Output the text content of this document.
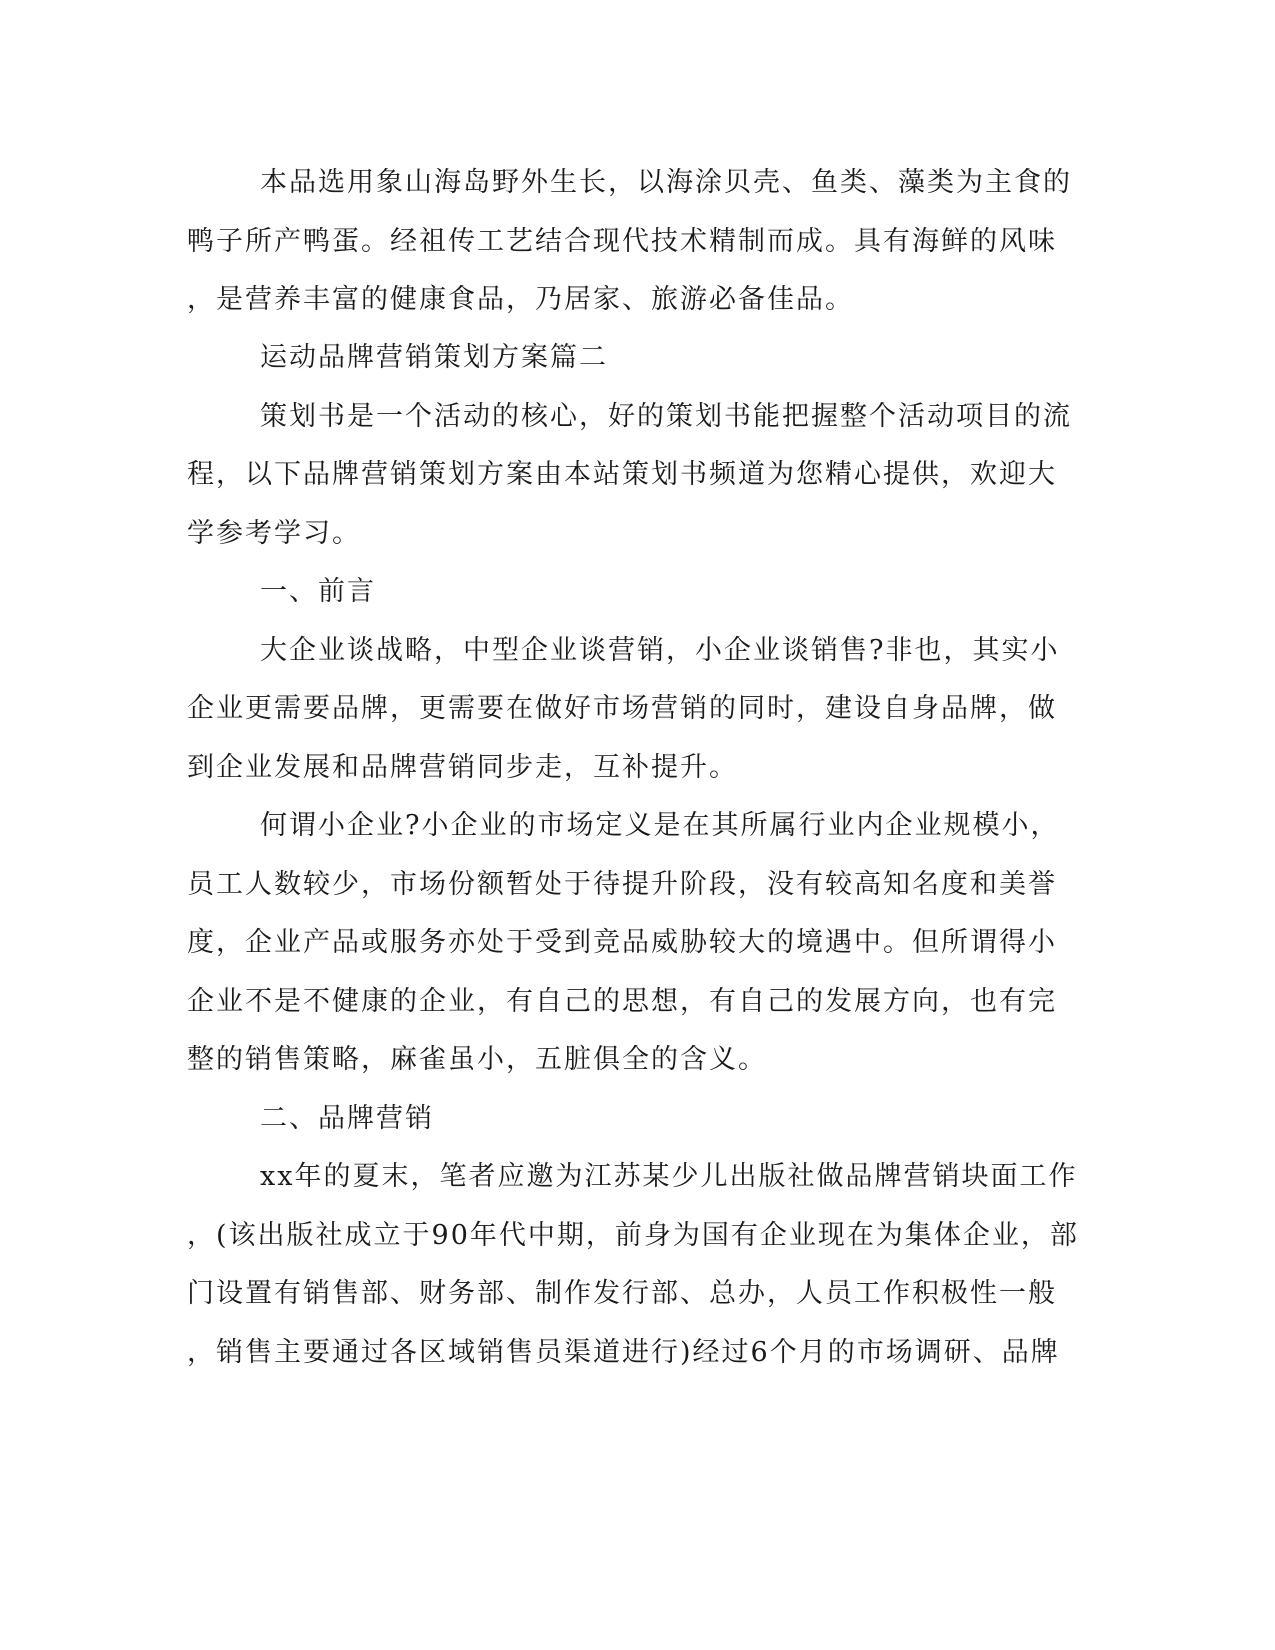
本品选用象山海岛野外生长，以海涂贝壳、鱼类、藻类为主食的
鸭子所产鸭蛋。经祖传工艺结合现代技术精制而成。具有海鲜的风味
，是营养丰富的健康食品，乃居家、旅游必备佳品。
运动品牌营销策划方案篇二
策划书是一个活动的核心，好的策划书能把握整个活动项目的流
程，以下品牌营销策划方案由本站策划书频道为您精心提供，欢迎大
学参考学习。
一、前言
大企业谈战略，中型企业谈营销，小企业谈销售?非也，其实小
企业更需要品牌，更需要在做好市场营销的同时，建设自身品牌，做
到企业发展和品牌营销同步走，互补提升。
何谓小企业?小企业的市场定义是在其所属行业内企业规模小，
员工人数较少，市场份额暂处于待提升阶段，没有较高知名度和美誉
度，企业产品或服务亦处于受到竞品威胁较大的境遇中。但所谓得小
企业不是不健康的企业，有自己的思想，有自己的发展方向，也有完
整的销售策略，麻雀虽小，五脏俱全的含义。
二、品牌营销
xx年的夏末，笔者应邀为江苏某少儿出版社做品牌营销块面工作
，(该出版社成立于90年代中期，前身为国有企业现在为集体企业，部
门设置有销售部、财务部、制作发行部、总办，人员工作积极性一般
，销售主要通过各区域销售员渠道进行)经过6个月的市场调研、品牌
